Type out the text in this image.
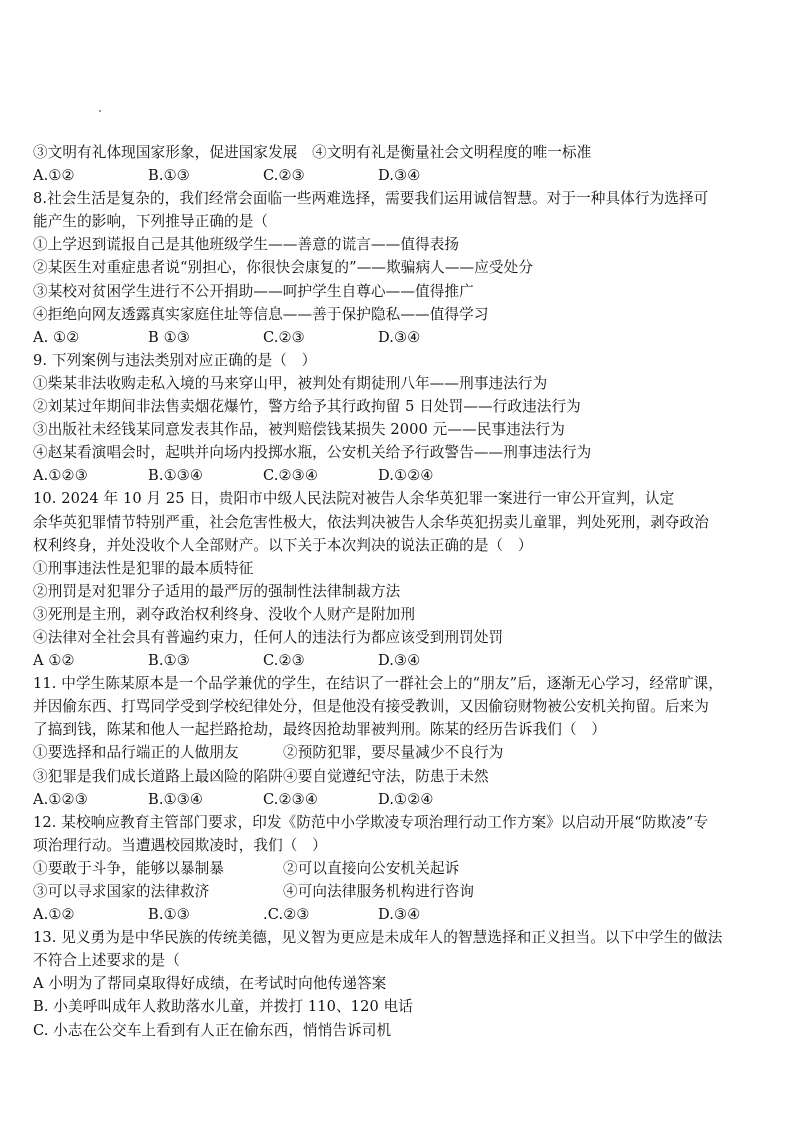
③文明有礼体现国家形象，促进国家发展　④文明有礼是衡量社会文明程度的唯一标准
A.①②	B.①③	C.②③	D.③④
8.社会生活是复杂的，我们经常会面临一些两难选择，需要我们运用诚信智慧。对于一种具体行为选择可
能产生的影响，下列推导正确的是（
①上学迟到谎报自己是其他班级学生——善意的谎言——值得表扬
②某医生对重症患者说“别担心，你很快会康复的”——欺骗病人——应受处分
③某校对贫困学生进行不公开捐助——呵护学生自尊心——值得推广
④拒绝向网友透露真实家庭住址等信息——善于保护隐私——值得学习
A. ①②	B ①③	C.②③	D.③④
9. 下列案例与违法类别对应正确的是（　）
①柴某非法收购走私入境的马来穿山甲，被判处有期徒刑八年——刑事违法行为
②刘某过年期间非法售卖烟花爆竹，警方给予其行政拘留 5 日处罚——行政违法行为
③出版社未经钱某同意发表其作品，被判赔偿钱某损失 2000 元——民事违法行为
④赵某看演唱会时，起哄并向场内投掷水瓶，公安机关给予行政警告——刑事违法行为
A.①②③	B.①③④	C.②③④	D.①②④
10. 2024 年 10 月 25 日，贵阳市中级人民法院对被告人余华英犯罪一案进行一审公开宣判，认定
余华英犯罪情节特别严重，社会危害性极大，依法判决被告人余华英犯拐卖儿童罪，判处死刑，剥夺政治
权利终身，并处没收个人全部财产。以下关于本次判决的说法正确的是（　）
①刑事违法性是犯罪的最本质特征
②刑罚是对犯罪分子适用的最严厉的强制性法律制裁方法
③死刑是主刑，剥夺政治权利终身、没收个人财产是附加刑
④法律对全社会具有普遍约束力，任何人的违法行为都应该受到刑罚处罚
A ①②	B.①③	C.②③	D.③④
11. 中学生陈某原本是一个品学兼优的学生，在结识了一群社会上的“朋友”后，逐渐无心学习，经常旷课，
并因偷东西、打骂同学受到学校纪律处分，但是他没有接受教训，又因偷窃财物被公安机关拘留。后来为
了搞到钱，陈某和他人一起拦路抢劫，最终因抢劫罪被判刑。陈某的经历告诉我们（　）
①要选择和品行端正的人做朋友	②预防犯罪，要尽量减少不良行为
③犯罪是我们成长道路上最凶险的陷阱 ④要自觉遵纪守法，防患于未然
A.①②③	B.①③④	C.②③④	D.①②④
12. 某校响应教育主管部门要求，印发《防范中小学欺凌专项治理行动工作方案》以启动开展“防欺凌”专
项治理行动。当遭遇校园欺凌时，我们（　）
①要敢于斗争，能够以暴制暴	②可以直接向公安机关起诉
③可以寻求国家的法律救济	④可向法律服务机构进行咨询
A.①②	B.①③	.C.②③	D.③④
13. 见义勇为是中华民族的传统美德，见义智为更应是未成年人的智慧选择和正义担当。以下中学生的做法
不符合上述要求的是（
A 小明为了帮同桌取得好成绩，在考试时向他传递答案
B. 小美呼叫成年人救助落水儿童，并拨打 110、120 电话
C. 小志在公交车上看到有人正在偷东西，悄悄告诉司机
